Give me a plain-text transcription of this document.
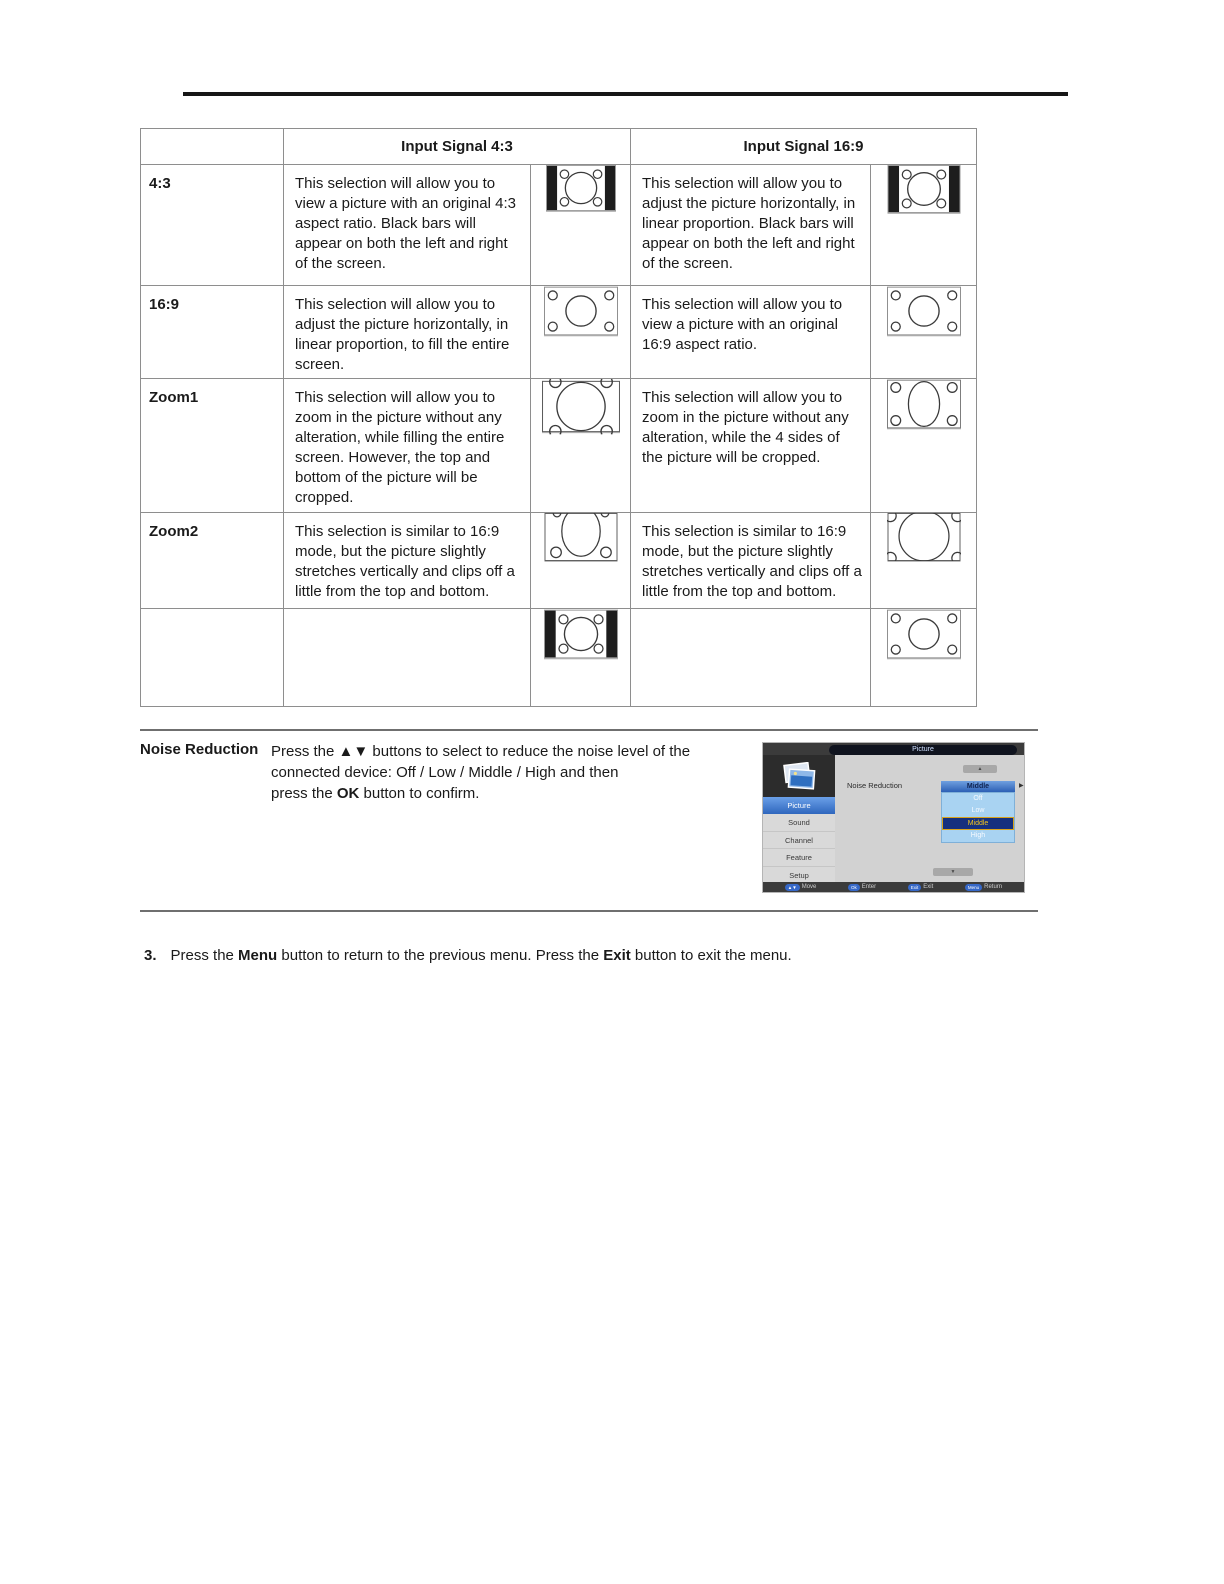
	Input Signal 4:3		Input Signal 16:9	
4:3	This selection will allow you to view a picture with an original 4:3 aspect ratio. Black bars will appear on both the left and right of the screen.		This selection will allow you to adjust the picture horizontally, in linear proportion. Black bars will appear on both the left and right of the screen.	
16:9	This selection will allow you to adjust the picture horizontally, in linear proportion, to fill the entire screen.		This selection will allow you to view a picture with an original 16:9 aspect ratio.	
Zoom1	This selection will allow you to zoom in the picture without any alteration, while filling the entire screen. However, the top and bottom of the picture will be cropped.		This selection will allow you to zoom in the picture without any alteration, while the 4 sides of the picture will be cropped.	
Zoom2	This selection is similar to 16:9 mode, but the picture slightly stretches vertically and clips off a little from the top and bottom.		This selection is similar to 16:9 mode, but the picture slightly stretches vertically and clips off a little from the top and bottom.	

Noise Reduction Press the ▲▼ buttons to select to reduce the noise level of the
connected device: Off / Low / Middle / High and then
press the OK button to confirm.
Picture
Picture
Sound
Channel
Feature
Setup
Noise Reduction
▲
Middle	▶
Off
Low
Middle
High
▼
▲▼ Move	Ok Enter	Exit Exit	Menu Return
3. Press the Menu button to return to the previous menu. Press the Exit button to exit the menu.
